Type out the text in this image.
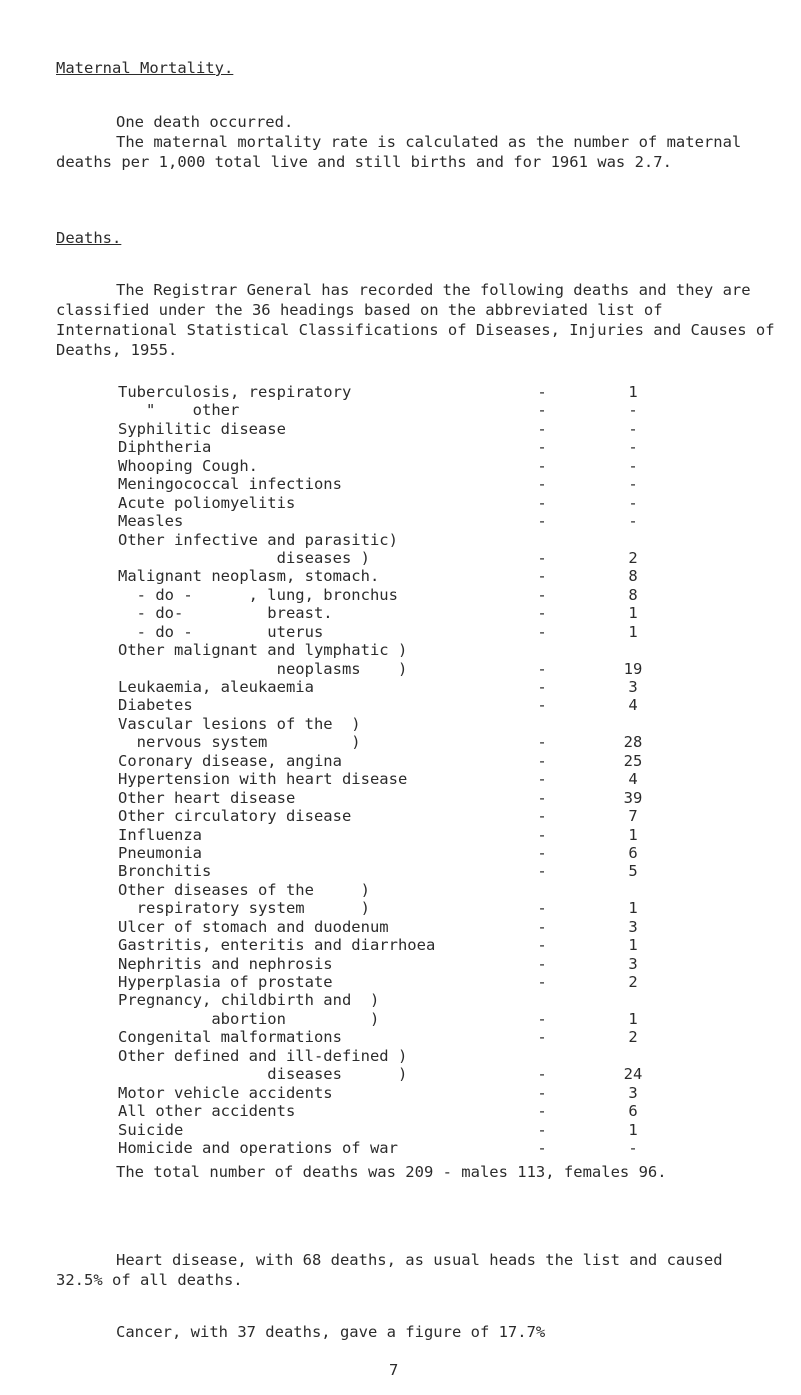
Maternal Mortality.

One death occurred.

The maternal mortality rate is calculated as the number of maternal deaths per 1,000 total live and still births and for 1961 was 2.7.

Deaths.

The Registrar General has recorded the following deaths and they are classified under the 36 headings based on the abbreviated list of International Statistical Classifications of Diseases, Injuries and Causes of Deaths, 1955.

Tuberculosis, respiratory	-	1
"    other	-	-
Syphilitic disease	-	-
Diphtheria	-	-
Whooping Cough.	-	-
Meningococcal infections	-	-
Acute poliomyelitis	-	-
Measles	-	-
Other infective and parasitic)
diseases )	-	2
Malignant neoplasm, stomach.	-	8
- do -      , lung, bronchus	-	8
- do-         breast.	-	1
- do -        uterus	-	1
Other malignant and lymphatic )
neoplasms    )	-	19
Leukaemia, aleukaemia	-	3
Diabetes	-	4
Vascular lesions of the  )
nervous system         )	-	28
Coronary disease, angina	-	25
Hypertension with heart disease	-	4
Other heart disease	-	39
Other circulatory disease	-	7
Influenza	-	1
Pneumonia	-	6
Bronchitis	-	5
Other diseases of the     )
respiratory system      )	-	1
Ulcer of stomach and duodenum	-	3
Gastritis, enteritis and diarrhoea	-	1
Nephritis and nephrosis	-	3
Hyperplasia of prostate	-	2
Pregnancy, childbirth and  )
abortion         )	-	1
Congenital malformations	-	2
Other defined and ill-defined )
diseases      )	-	24
Motor vehicle accidents	-	3
All other accidents	-	6
Suicide	-	1
Homicide and operations of war	-	-

The total number of deaths was 209 - males 113, females 96.

Heart disease, with 68 deaths, as usual heads the list and caused 32.5% of all deaths.

Cancer, with 37 deaths, gave a figure of 17.7%

7
